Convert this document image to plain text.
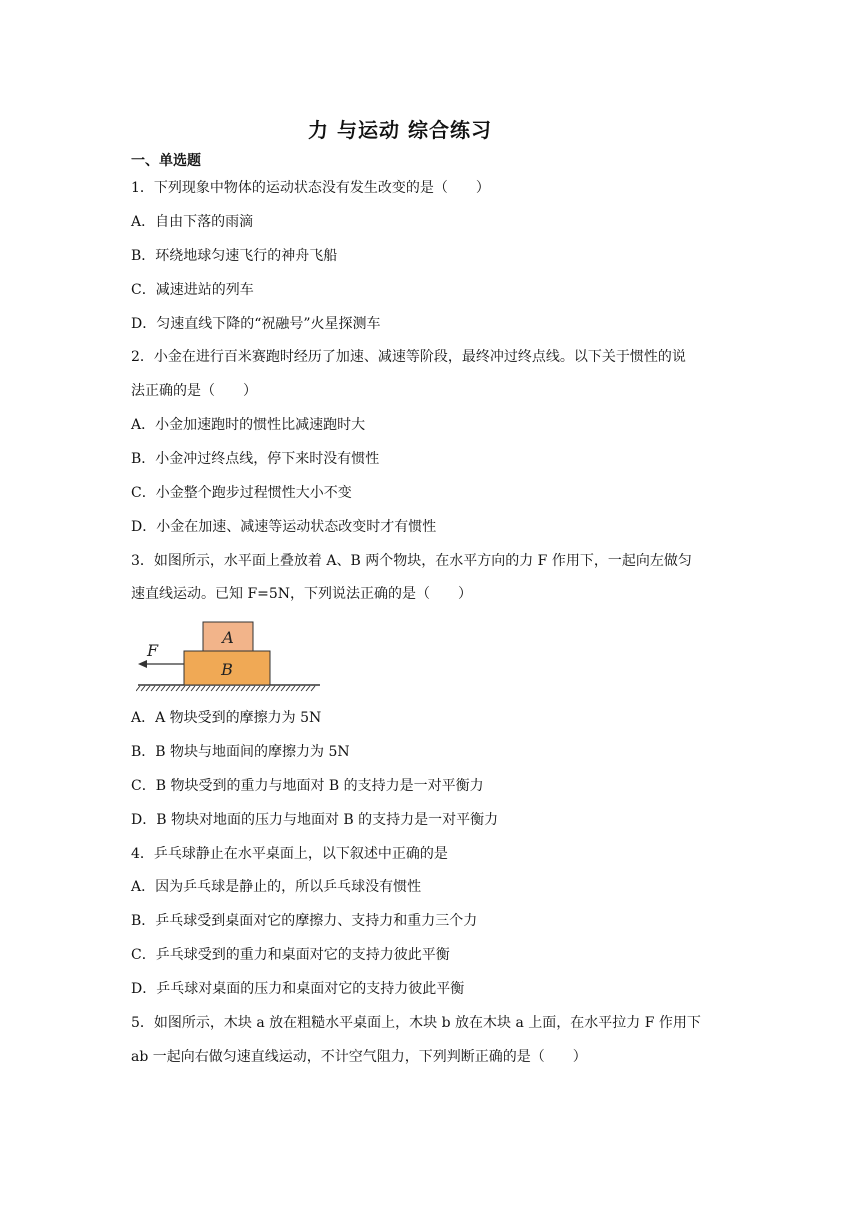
力 与运动 综合练习
一、单选题
1．下列现象中物体的运动状态没有发生改变的是（　　）
A．自由下落的雨滴
B．环绕地球匀速飞行的神舟飞船
C．减速进站的列车
D．匀速直线下降的“祝融号”火星探测车
2．小金在进行百米赛跑时经历了加速、减速等阶段，最终冲过终点线。以下关于惯性的说
法正确的是（　　）
A．小金加速跑时的惯性比减速跑时大
B．小金冲过终点线，停下来时没有惯性
C．小金整个跑步过程惯性大小不变
D．小金在加速、减速等运动状态改变时才有惯性
3．如图所示，水平面上叠放着 A、B 两个物块，在水平方向的力 F 作用下，一起向左做匀
速直线运动。已知 F=5N，下列说法正确的是（　　）
A
B
F
A．A 物块受到的摩擦力为 5N
B．B 物块与地面间的摩擦力为 5N
C．B 物块受到的重力与地面对 B 的支持力是一对平衡力
D．B 物块对地面的压力与地面对 B 的支持力是一对平衡力
4．乒乓球静止在水平桌面上，以下叙述中正确的是
A．因为乒乓球是静止的，所以乒乓球没有惯性
B．乒乓球受到桌面对它的摩擦力、支持力和重力三个力
C．乒乓球受到的重力和桌面对它的支持力彼此平衡
D．乒乓球对桌面的压力和桌面对它的支持力彼此平衡
5．如图所示，木块 a 放在粗糙水平桌面上，木块 b 放在木块 a 上面，在水平拉力 F 作用下
ab 一起向右做匀速直线运动，不计空气阻力，下列判断正确的是（　　）
